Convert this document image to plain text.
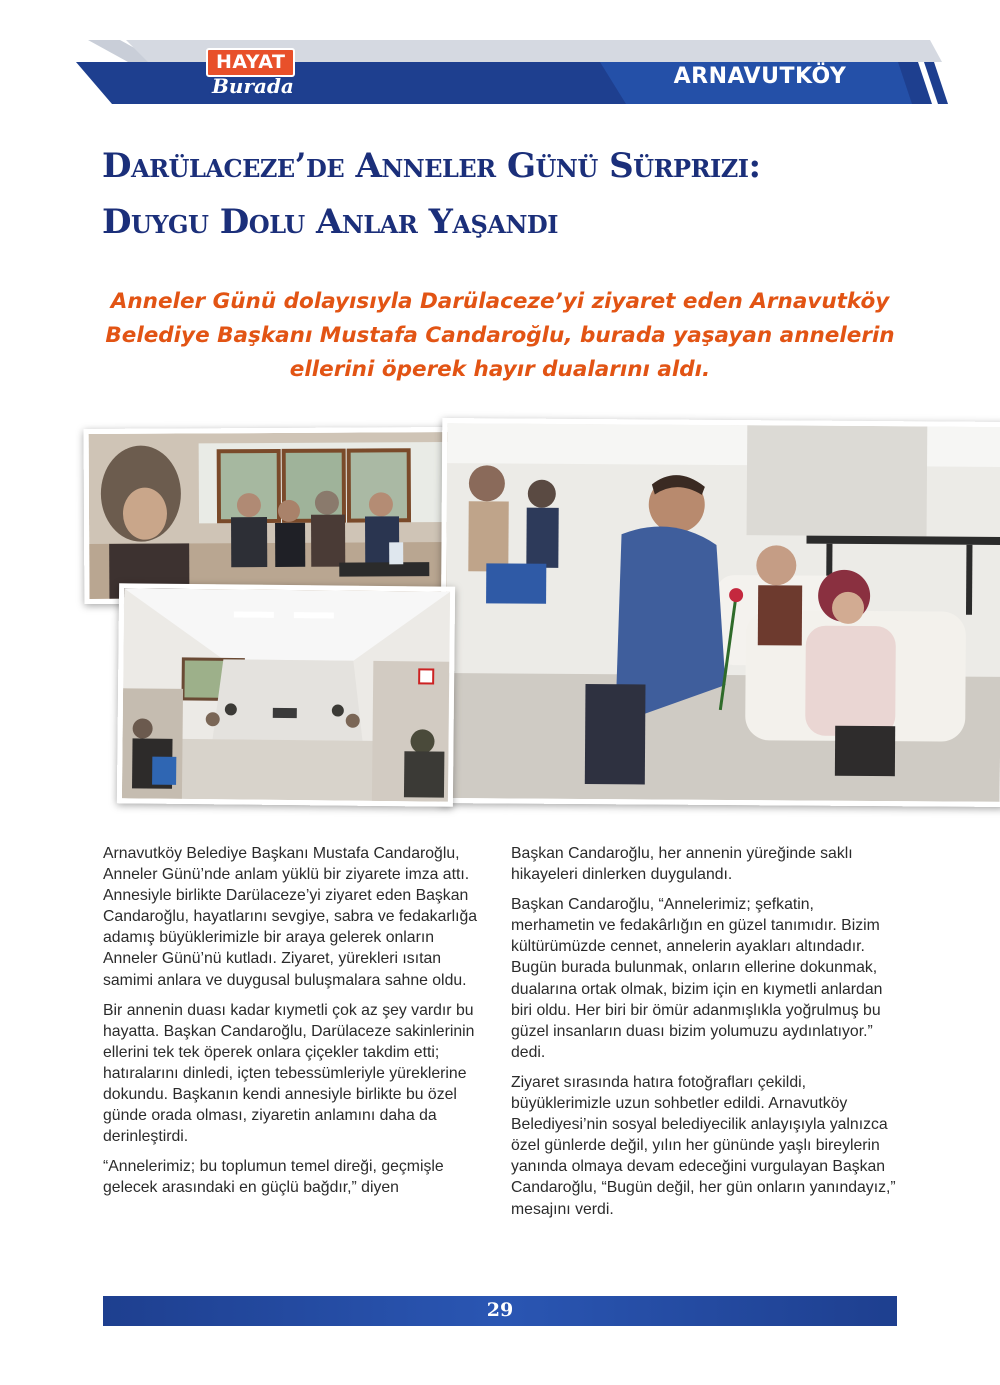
HAYAT
Burada	ARNAVUTKÖY
Darülaceze’de Anneler Günü Sürprizi:
Duygu Dolu Anlar Yaşandı

Anneler Günü dolayısıyla Darülaceze’yi ziyaret eden Arnavutköy Belediye Başkanı Mustafa Candaroğlu, burada yaşayan annelerin ellerini öperek hayır dualarını aldı.

Arnavutköy Belediye Başkanı Mustafa Candaroğlu, Anneler Günü’nde anlam yüklü bir ziyarete imza attı. Annesiyle birlikte Darülaceze’yi ziyaret eden Başkan Candaroğlu, hayatlarını sevgiye, sabra ve fedakarlığa adamış büyüklerimizle bir araya gelerek onların Anneler Günü’nü kutladı. Ziyaret, yürekleri ısıtan samimi anlara ve duygusal buluşmalara sahne oldu.

Bir annenin duası kadar kıymetli çok az şey vardır bu hayatta. Başkan Candaroğlu, Darülaceze sakinlerinin ellerini tek tek öperek onlara çiçekler takdim etti; hatıralarını dinledi, içten tebessümleriyle yüreklerine dokundu. Başkanın kendi annesiyle birlikte bu özel günde orada olması, ziyaretin anlamını daha da derinleştirdi.

“Annelerimiz; bu toplumun temel direği, geçmişle gelecek arasındaki en güçlü bağdır,” diyen

Başkan Candaroğlu, her annenin yüreğinde saklı hikayeleri dinlerken duygulandı.

Başkan Candaroğlu, “Annelerimiz; şefkatin, merhametin ve fedakârlığın en güzel tanımıdır. Bizim kültürümüzde cennet, annelerin ayakları altındadır. Bugün burada bulunmak, onların ellerine dokunmak, dualarına ortak olmak, bizim için en kıymetli anlardan biri oldu. Her biri bir ömür adanmışlıkla yoğrulmuş bu güzel insanların duası bizim yolumuzu aydınlatıyor.” dedi.

Ziyaret sırasında hatıra fotoğrafları çekildi, büyüklerimizle uzun sohbetler edildi. Arnavutköy Belediyesi’nin sosyal belediyecilik anlayışıyla yalnızca özel günlerde değil, yılın her gününde yaşlı bireylerin yanında olmaya devam edeceğini vurgulayan Başkan Candaroğlu, “Bugün değil, her gün onların yanındayız,” mesajını verdi.

29
